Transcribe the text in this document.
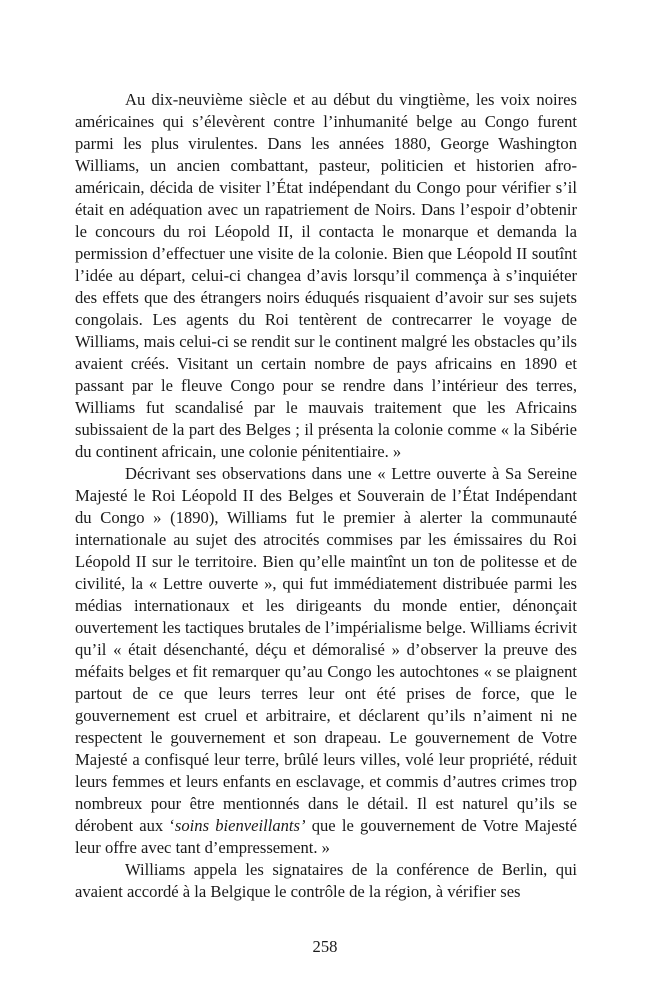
Au dix-neuvième siècle et au début du vingtième, les voix noires américaines qui s’élevèrent contre l’inhumanité belge au Congo furent parmi les plus virulentes. Dans les années 1880, George Washington Williams, un ancien combattant, pasteur, politicien et historien afro-américain, décida de visiter l’État indépendant du Congo pour vérifier s’il était en adéquation avec un rapatriement de Noirs. Dans l’espoir d’obtenir le concours du roi Léopold II, il contacta le monarque et demanda la permission d’effectuer une visite de la colonie. Bien que Léopold II soutînt l’idée au départ, celui-ci changea d’avis lorsqu’il commença à s’inquiéter des effets que des étrangers noirs éduqués risquaient d’avoir sur ses sujets congolais. Les agents du Roi tentèrent de contrecarrer le voyage de Williams, mais celui-ci se rendit sur le continent malgré les obstacles qu’ils avaient créés. Visitant un certain nombre de pays africains en 1890 et passant par le fleuve Congo pour se rendre dans l’intérieur des terres, Williams fut scandalisé par le mauvais traitement que les Africains subissaient de la part des Belges ; il présenta la colonie comme « la Sibérie du continent africain, une colonie pénitentiaire. »

Décrivant ses observations dans une « Lettre ouverte à Sa Sereine Majesté le Roi Léopold II des Belges et Souverain de l’État Indépendant du Congo » (1890), Williams fut le premier à alerter la communauté internationale au sujet des atrocités commises par les émissaires du Roi Léopold II sur le territoire. Bien qu’elle maintînt un ton de politesse et de civilité, la « Lettre ouverte », qui fut immédiatement distribuée parmi les médias internationaux et les dirigeants du monde entier, dénonçait ouvertement les tactiques brutales de l’impérialisme belge. Williams écrivit qu’il « était désenchanté, déçu et démoralisé » d’observer la preuve des méfaits belges et fit remarquer qu’au Congo les autochtones « se plaignent partout de ce que leurs terres leur ont été prises de force, que le gouvernement est cruel et arbitraire, et déclarent qu’ils n’aiment ni ne respectent le gouvernement et son drapeau. Le gouvernement de Votre Majesté a confisqué leur terre, brûlé leurs villes, volé leur propriété, réduit leurs femmes et leurs enfants en esclavage, et commis d’autres crimes trop nombreux pour être mentionnés dans le détail. Il est naturel qu’ils se dérobent aux ‘soins bienveillants’ que le gouvernement de Votre Majesté leur offre avec tant d’empressement. »

Williams appela les signataires de la conférence de Berlin, qui avaient accordé à la Belgique le contrôle de la région, à vérifier ses

258
